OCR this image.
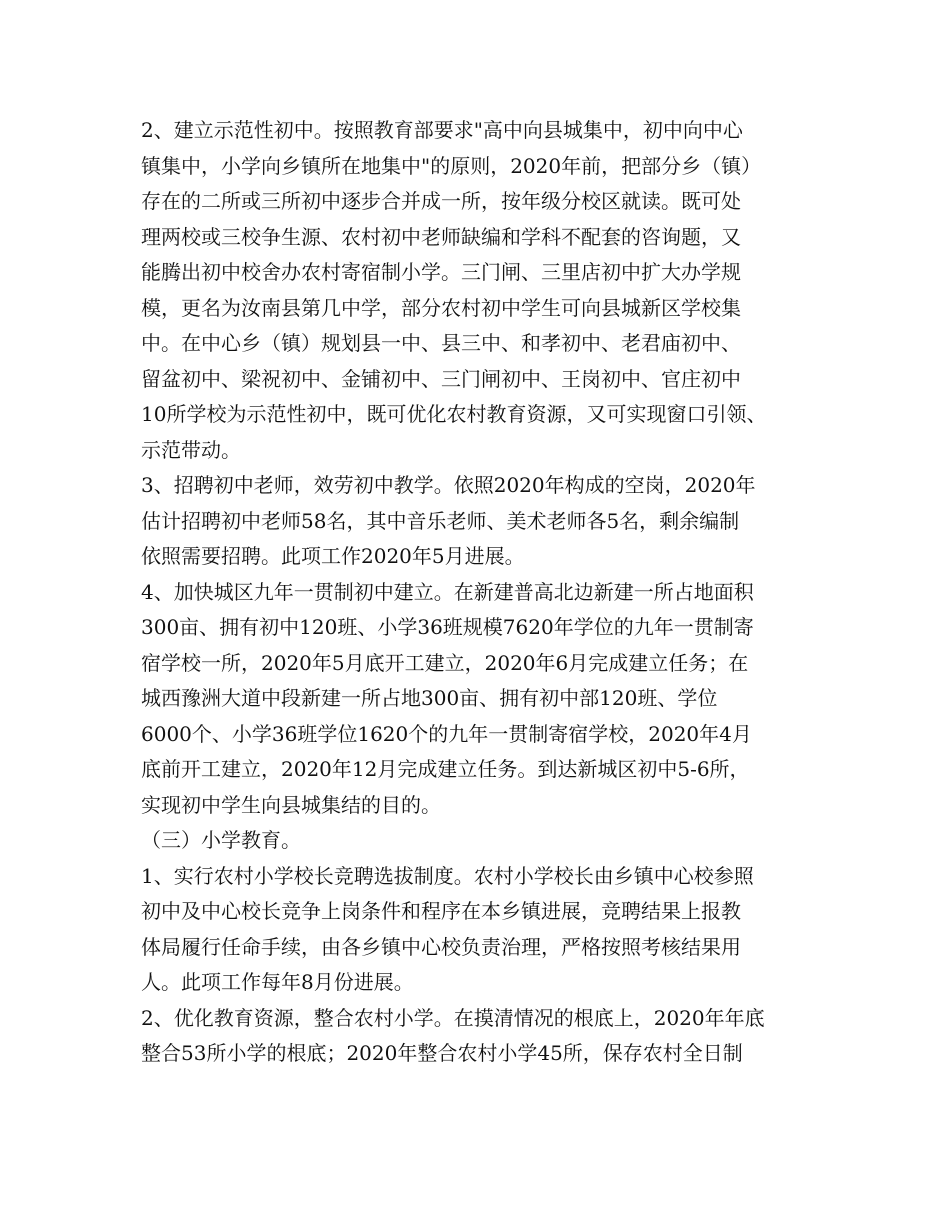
2、建立示范性初中。按照教育部要求"高中向县城集中，初中向中心
镇集中，小学向乡镇所在地集中"的原则，2020年前，把部分乡（镇）
存在的二所或三所初中逐步合并成一所，按年级分校区就读。既可处
理两校或三校争生源、农村初中老师缺编和学科不配套的咨询题，又
能腾出初中校舍办农村寄宿制小学。三门闸、三里店初中扩大办学规
模，更名为汝南县第几中学，部分农村初中学生可向县城新区学校集
中。在中心乡（镇）规划县一中、县三中、和孝初中、老君庙初中、
留盆初中、梁祝初中、金铺初中、三门闸初中、王岗初中、官庄初中
10所学校为示范性初中，既可优化农村教育资源，又可实现窗口引领、
示范带动。
3、招聘初中老师，效劳初中教学。依照2020年构成的空岗，2020年
估计招聘初中老师58名，其中音乐老师、美术老师各5名，剩余编制
依照需要招聘。此项工作2020年5月进展。
4、加快城区九年一贯制初中建立。在新建普高北边新建一所占地面积
300亩、拥有初中120班、小学36班规模7620年学位的九年一贯制寄
宿学校一所，2020年5月底开工建立，2020年6月完成建立任务；在
城西豫洲大道中段新建一所占地300亩、拥有初中部120班、学位
6000个、小学36班学位1620个的九年一贯制寄宿学校，2020年4月
底前开工建立，2020年12月完成建立任务。到达新城区初中5-6所，
实现初中学生向县城集结的目的。
（三）小学教育。
1、实行农村小学校长竞聘选拔制度。农村小学校长由乡镇中心校参照
初中及中心校长竞争上岗条件和程序在本乡镇进展，竞聘结果上报教
体局履行任命手续，由各乡镇中心校负责治理，严格按照考核结果用
人。此项工作每年8月份进展。
2、优化教育资源，整合农村小学。在摸清情况的根底上，2020年年底
整合53所小学的根底；2020年整合农村小学45所，保存农村全日制
